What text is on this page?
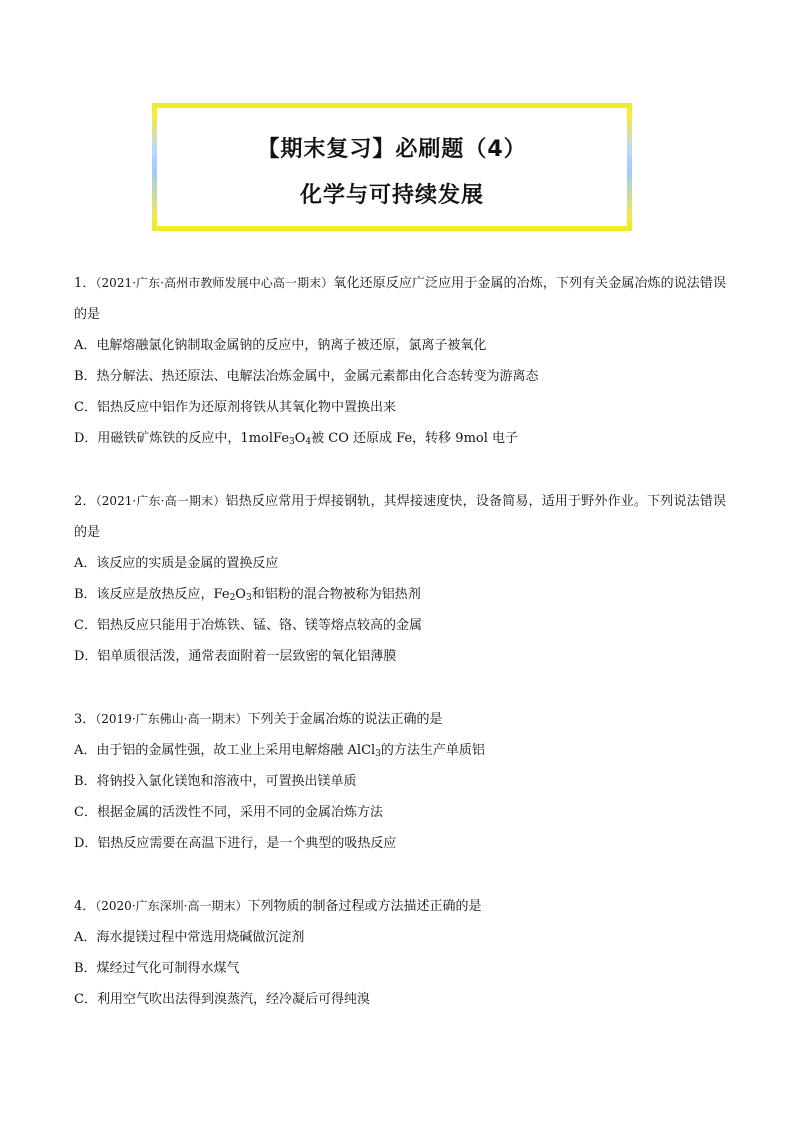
【期末复习】必刷题（4）
化学与可持续发展
1．（2021·广东·高州市教师发展中心高一期末）氧化还原反应广泛应用于金属的冶炼，下列有关金属冶炼的说法错误的是
A．电解熔融氯化钠制取金属钠的反应中，钠离子被还原，氯离子被氧化
B．热分解法、热还原法、电解法冶炼金属中，金属元素都由化合态转变为游离态
C．铝热反应中铝作为还原剂将铁从其氧化物中置换出来
D．用磁铁矿炼铁的反应中，$1molFe_3O_4$被 CO 还原成 Fe，转移 9mol 电子
2．（2021·广东·高一期末）铝热反应常用于焊接钢轨，其焊接速度快，设备简易，适用于野外作业。下列说法错误的是
A．该反应的实质是金属的置换反应
B．该反应是放热反应，$Fe_2O_3$和铝粉的混合物被称为铝热剂
C．铝热反应只能用于冶炼铁、锰、铬、镁等熔点较高的金属
D．铝单质很活泼，通常表面附着一层致密的氧化铝薄膜
3．（2019·广东佛山·高一期末）下列关于金属冶炼的说法正确的是
A．由于铝的金属性强，故工业上采用电解熔融 AlCl$_3$的方法生产单质铝
B．将钠投入氯化镁饱和溶液中，可置换出镁单质
C．根据金属的活泼性不同，采用不同的金属冶炼方法
D．铝热反应需要在高温下进行，是一个典型的吸热反应
4．（2020·广东深圳·高一期末）下列物质的制备过程或方法描述正确的是
A．海水提镁过程中常选用烧碱做沉淀剂
B．煤经过气化可制得水煤气
C．利用空气吹出法得到溴蒸汽，经冷凝后可得纯溴
